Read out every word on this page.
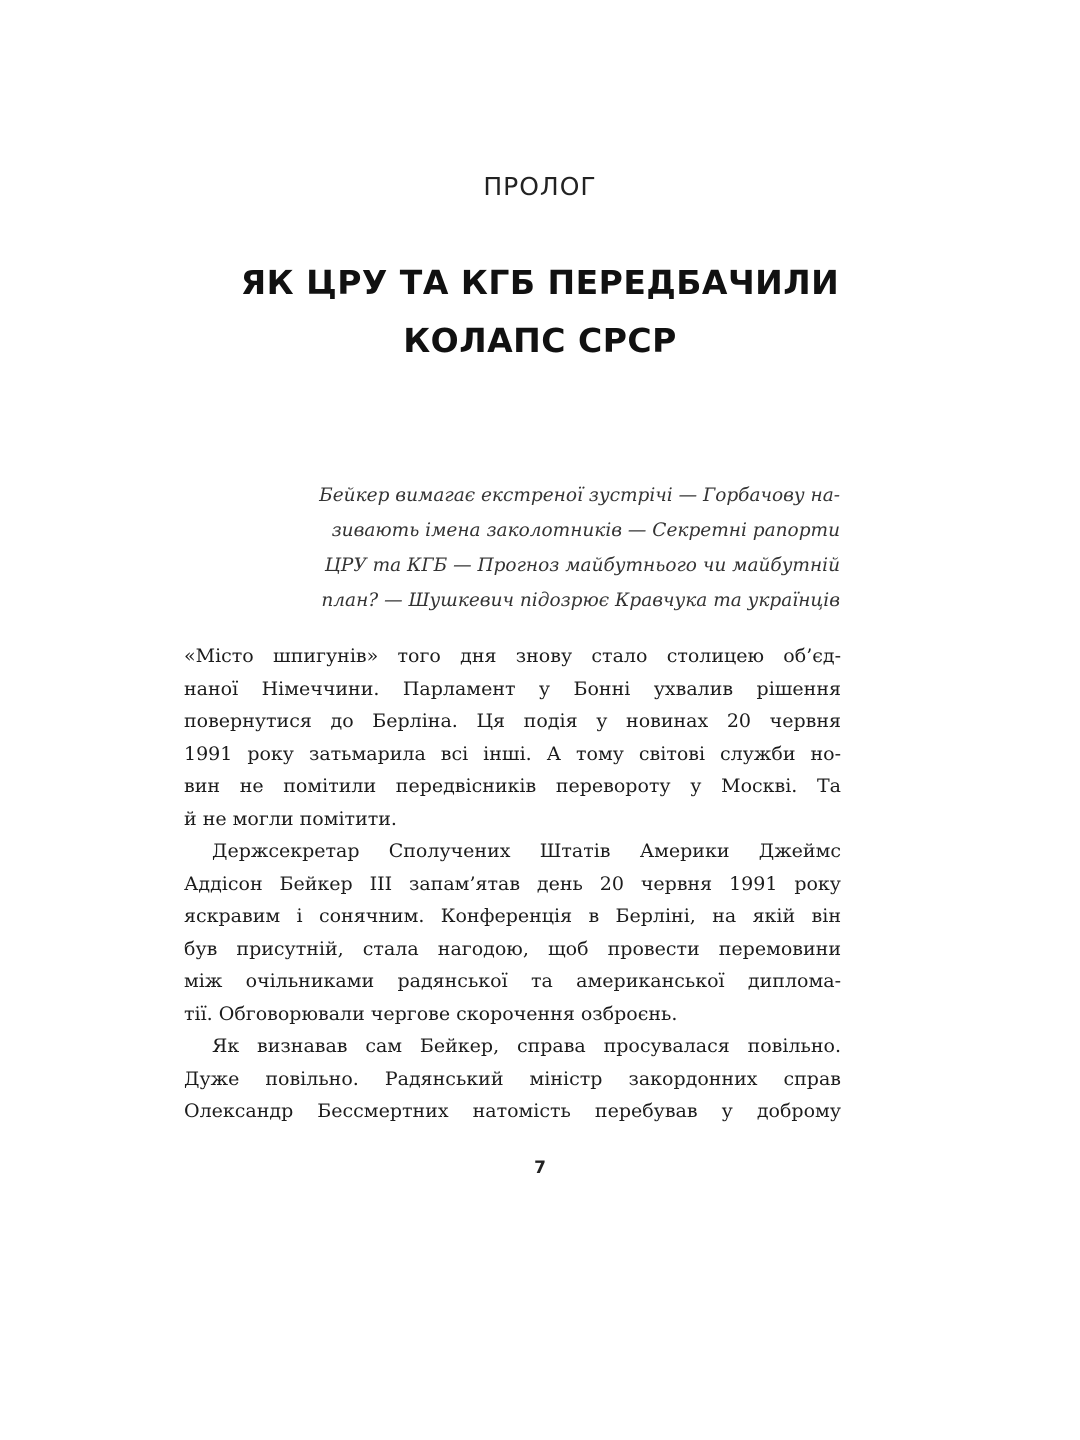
ПРОЛОГ
ЯК ЦРУ ТА КГБ ПЕРЕДБАЧИЛИ
КОЛАПС СРСР
Бейкер вимагає екстреної зустрічі — Горбачову на-
зивають імена заколотників — Секретні рапорти
ЦРУ та КГБ — Прогноз майбутнього чи майбутній
план? — Шушкевич підозрює Кравчука та українців
«Місто шпигунів» того дня знову стало столицею об’єд-
наної Німеччини. Парламент у Бонні ухвалив рішення
повернутися до Берліна. Ця подія у новинах 20 червня
1991 року затьмарила всі інші. А тому світові служби но-
вин не помітили передвісників перевороту у Москві. Та
й не могли помітити.
Держсекретар Сполучених Штатів Америки Джеймс
Аддісон Бейкер III запам’ятав день 20 червня 1991 року
яскравим і сонячним. Конференція в Берліні, на якій він
був присутній, стала нагодою, щоб провести перемовини
між очільниками радянської та американської диплома-
тії. Обговорювали чергове скорочення озброєнь.
Як визнавав сам Бейкер, справа просувалася повільно.
Дуже повільно. Радянський міністр закордонних справ
Олександр Бессмертних натомість перебував у доброму
7
